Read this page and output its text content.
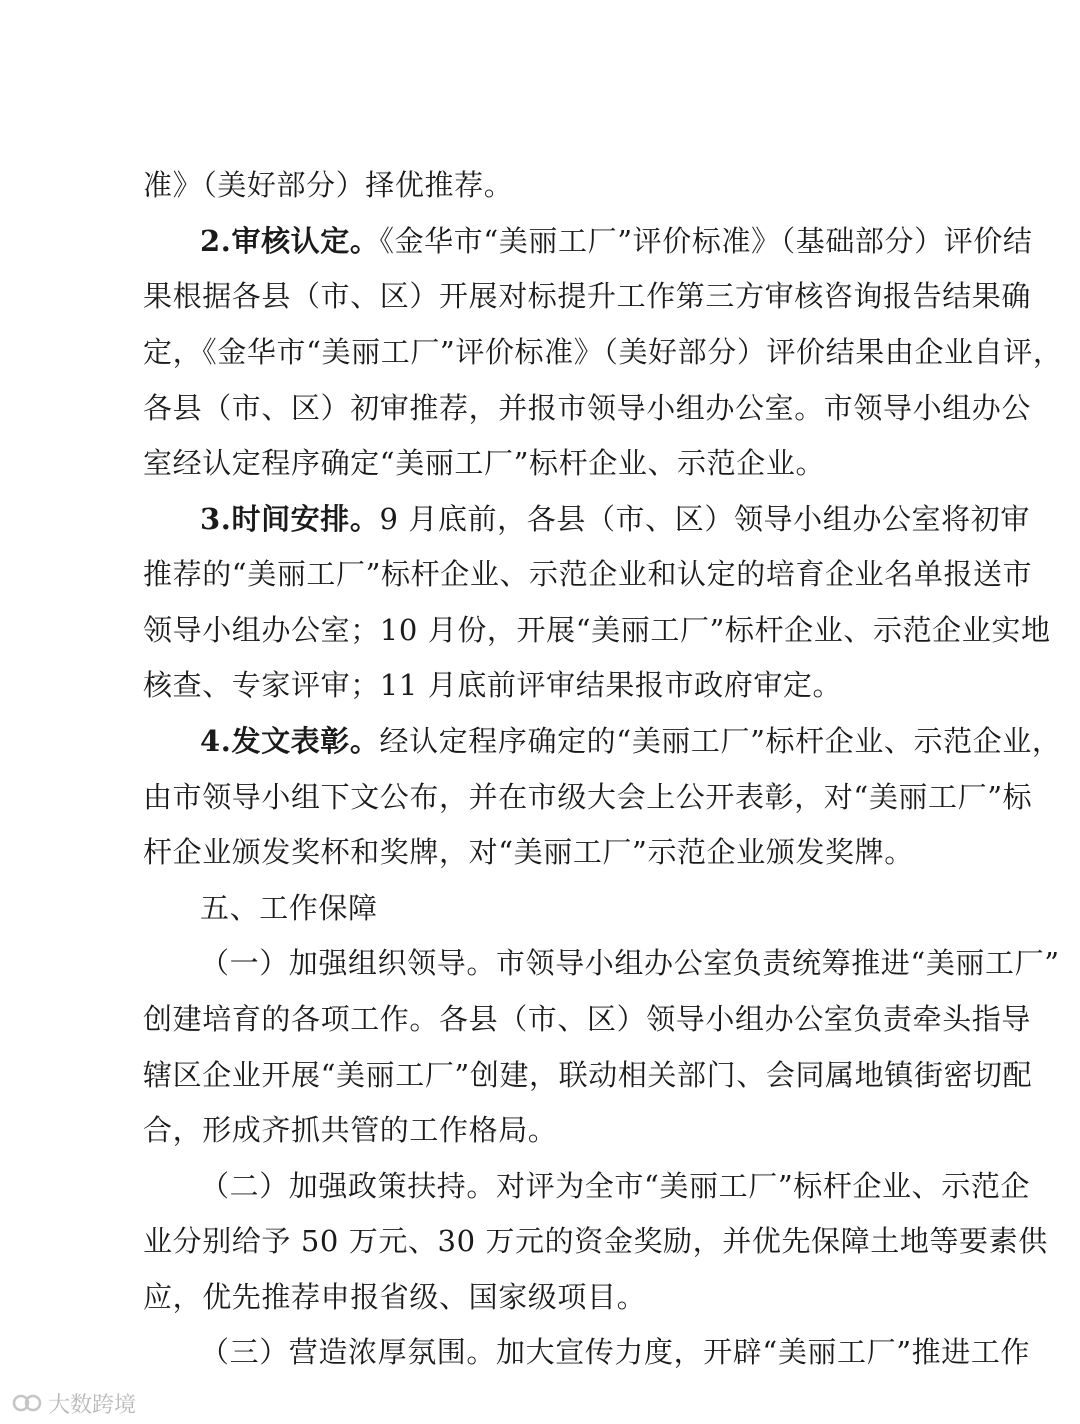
准》（美好部分）择优推荐。
2.审核认定。《金华市“美丽工厂”评价标准》（基础部分）评价结
果根据各县（市、区）开展对标提升工作第三方审核咨询报告结果确
定，《金华市“美丽工厂”评价标准》（美好部分）评价结果由企业自评，
各县（市、区）初审推荐，并报市领导小组办公室。市领导小组办公
室经认定程序确定“美丽工厂”标杆企业、示范企业。
3.时间安排。9 月底前，各县（市、区）领导小组办公室将初审
推荐的“美丽工厂”标杆企业、示范企业和认定的培育企业名单报送市
领导小组办公室；10 月份，开展“美丽工厂”标杆企业、示范企业实地
核查、专家评审；11 月底前评审结果报市政府审定。
4.发文表彰。经认定程序确定的“美丽工厂”标杆企业、示范企业，
由市领导小组下文公布，并在市级大会上公开表彰，对“美丽工厂”标
杆企业颁发奖杯和奖牌，对“美丽工厂”示范企业颁发奖牌。
五、工作保障
（一）加强组织领导。市领导小组办公室负责统筹推进“美丽工厂”
创建培育的各项工作。各县（市、区）领导小组办公室负责牵头指导
辖区企业开展“美丽工厂”创建，联动相关部门、会同属地镇街密切配
合，形成齐抓共管的工作格局。
（二）加强政策扶持。对评为全市“美丽工厂”标杆企业、示范企
业分别给予 50 万元、30 万元的资金奖励，并优先保障土地等要素供
应，优先推荐申报省级、国家级项目。
（三）营造浓厚氛围。加大宣传力度，开辟“美丽工厂”推进工作
大数跨境
